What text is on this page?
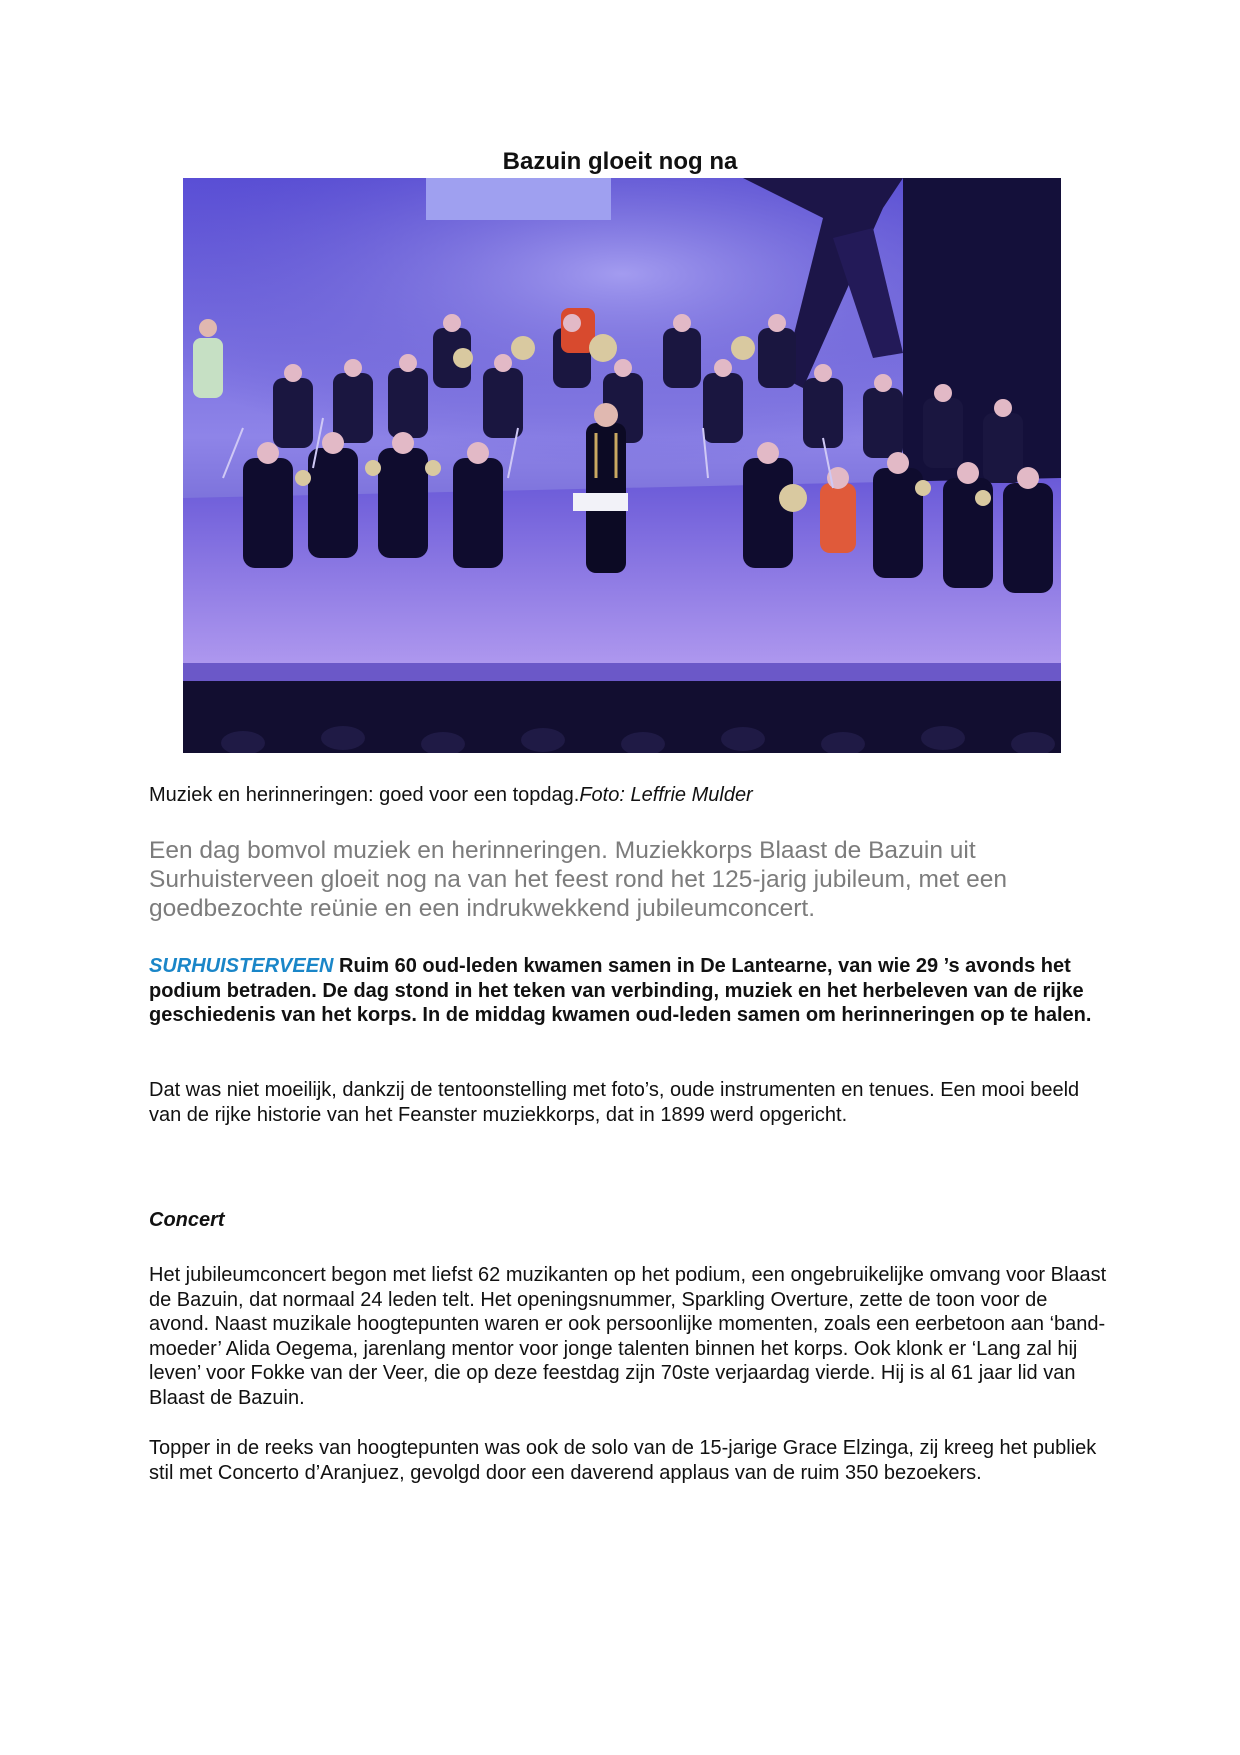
Bazuin gloeit nog na
Muziek en herinneringen: goed voor een topdag.Foto: Leffrie Mulder
Een dag bomvol muziek en herinneringen. Muziekkorps Blaast de Bazuin uit Surhuisterveen gloeit nog na van het feest rond het 125-jarig jubileum, met een goedbezochte reünie en een indrukwekkend jubileumconcert.
SURHUISTERVEEN Ruim 60 oud-leden kwamen samen in De Lantearne, van wie 29 ’s avonds het podium betraden. De dag stond in het teken van verbinding, muziek en het herbeleven van de rijke geschiedenis van het korps. In de middag kwamen oud-leden samen om herinneringen op te halen.
Dat was niet moeilijk, dankzij de tentoonstelling met foto’s, oude instrumenten en tenues. Een mooi beeld van de rijke historie van het Feanster muziekkorps, dat in 1899 werd opgericht.
Concert
Het jubileumconcert begon met liefst 62 muzikanten op het podium, een ongebruikelijke omvang voor Blaast de Bazuin, dat normaal 24 leden telt. Het openingsnummer, Sparkling Overture, zette de toon voor de avond. Naast muzikale hoogtepunten waren er ook persoonlijke momenten, zoals een eerbetoon aan ‘band-moeder’ Alida Oegema, jarenlang mentor voor jonge talenten binnen het korps. Ook klonk er ‘Lang zal hij leven’ voor Fokke van der Veer, die op deze feestdag zijn 70ste verjaardag vierde. Hij is al 61 jaar lid van Blaast de Bazuin.
Topper in de reeks van hoogtepunten was ook de solo van de 15-jarige Grace Elzinga, zij kreeg het publiek stil met Concerto d’Aranjuez, gevolgd door een daverend applaus van de ruim 350 bezoekers.
